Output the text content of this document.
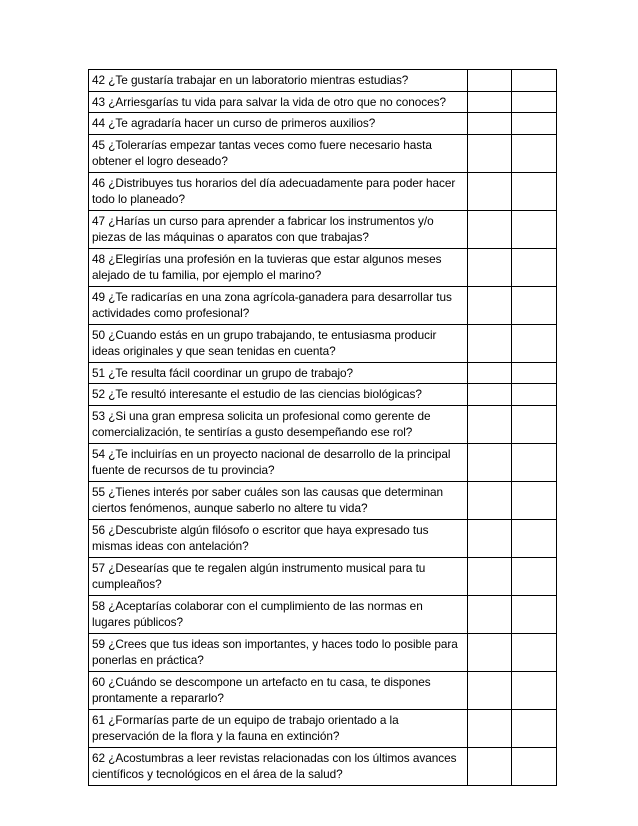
42 ¿Te gustaría trabajar en un laboratorio mientras estudias?		
43 ¿Arriesgarías tu vida para salvar la vida de otro que no conoces?		
44 ¿Te agradaría hacer un curso de primeros auxilios?		
45 ¿Tolerarías empezar tantas veces como fuere necesario hasta obtener el logro deseado?		
46 ¿Distribuyes tus horarios del día adecuadamente para poder hacer todo lo planeado?		
47 ¿Harías un curso para aprender a fabricar los instrumentos y/o piezas de las máquinas o aparatos con que trabajas?		
48 ¿Elegirías una profesión en la tuvieras que estar algunos meses alejado de tu familia, por ejemplo el marino?		
49 ¿Te radicarías en una zona agrícola-ganadera para desarrollar tus actividades como profesional?		
50 ¿Cuando estás en un grupo trabajando, te entusiasma producir ideas originales y que sean tenidas en cuenta?		
51 ¿Te resulta fácil coordinar un grupo de trabajo?		
52 ¿Te resultó interesante el estudio de las ciencias biológicas?		
53 ¿Si una gran empresa solicita un profesional como gerente de comercialización, te sentirías a gusto desempeñando ese rol?		
54 ¿Te incluirías en un proyecto nacional de desarrollo de la principal fuente de recursos de tu provincia?		
55 ¿Tienes interés por saber cuáles son las causas que determinan ciertos fenómenos, aunque saberlo no altere tu vida?		
56 ¿Descubriste algún filósofo o escritor que haya expresado tus mismas ideas con antelación?		
57 ¿Desearías que te regalen algún instrumento musical para tu cumpleaños?		
58 ¿Aceptarías colaborar con el cumplimiento de las normas en lugares públicos?		
59 ¿Crees que tus ideas son importantes, y haces todo lo posible para ponerlas en práctica?		
60 ¿Cuándo se descompone un artefacto en tu casa, te dispones prontamente a repararlo?		
61 ¿Formarías parte de un equipo de trabajo orientado a la preservación de la flora y la fauna en extinción?		
62 ¿Acostumbras a leer revistas relacionadas con los últimos avances científicos y tecnológicos en el área de la salud?		
